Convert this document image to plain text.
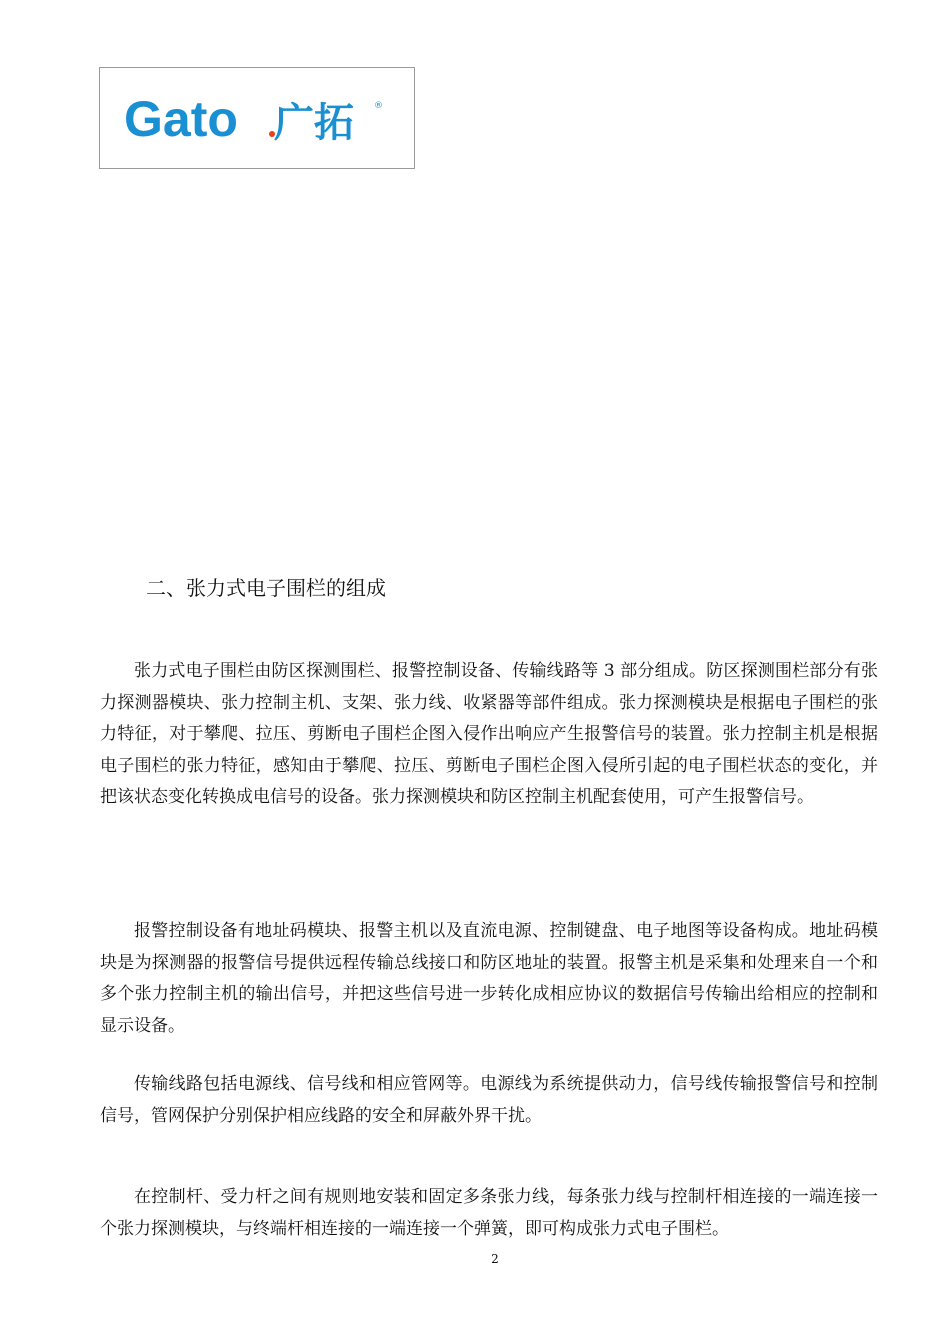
Gato 广拓 ®
二、张力式电子围栏的组成

张力式电子围栏由防区探测围栏、报警控制设备、传输线路等 3 部分组成。防区探测围栏部分有张力探测器模块、张力控制主机、支架、张力线、收紧器等部件组成。张力探测模块是根据电子围栏的张力特征，对于攀爬、拉压、剪断电子围栏企图入侵作出响应产生报警信号的装置。张力控制主机是根据电子围栏的张力特征，感知由于攀爬、拉压、剪断电子围栏企图入侵所引起的电子围栏状态的变化，并把该状态变化转换成电信号的设备。张力探测模块和防区控制主机配套使用，可产生报警信号。

报警控制设备有地址码模块、报警主机以及直流电源、控制键盘、电子地图等设备构成。地址码模块是为探测器的报警信号提供远程传输总线接口和防区地址的装置。报警主机是采集和处理来自一个和多个张力控制主机的输出信号，并把这些信号进一步转化成相应协议的数据信号传输出给相应的控制和显示设备。

传输线路包括电源线、信号线和相应管网等。电源线为系统提供动力，信号线传输报警信号和控制信号，管网保护分别保护相应线路的安全和屏蔽外界干扰。

在控制杆、受力杆之间有规则地安装和固定多条张力线，每条张力线与控制杆相连接的一端连接一个张力探测模块，与终端杆相连接的一端连接一个弹簧，即可构成张力式电子围栏。

2
